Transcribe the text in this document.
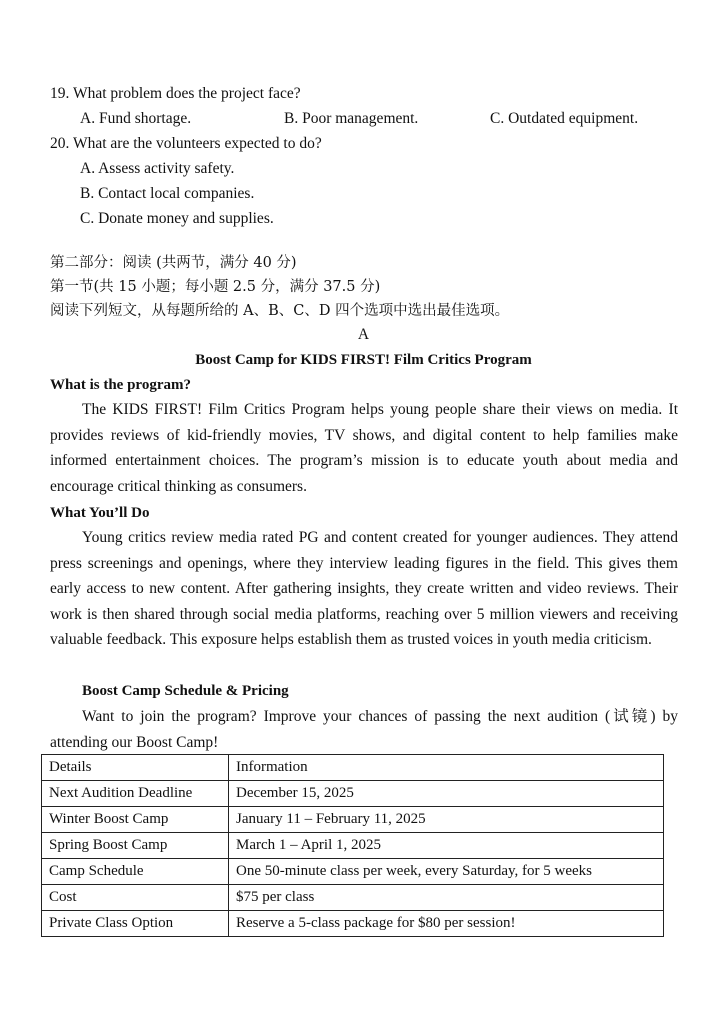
19. What problem does the project face?
A. Fund shortage.	B. Poor management.	C. Outdated equipment.
20. What are the volunteers expected to do?
A. Assess activity safety.
B. Contact local companies.
C. Donate money and supplies.
第二部分：阅读 (共两节，满分 40 分)
第一节(共 15 小题；每小题 2.5 分，满分 37.5 分)
阅读下列短文，从每题所给的 A、B、C、D 四个选项中选出最佳选项。
A
Boost Camp for KIDS FIRST! Film Critics Program
What is the program?
The KIDS FIRST! Film Critics Program helps young people share their views on media. It provides reviews of kid-friendly movies, TV shows, and digital content to help families make informed entertainment choices. The program’s mission is to educate youth about media and encourage critical thinking as consumers.
What You’ll Do
Young critics review media rated PG and content created for younger audiences. They attend press screenings and openings, where they interview leading figures in the field. This gives them early access to new content. After gathering insights, they create written and video reviews. Their work is then shared through social media platforms, reaching over 5 million viewers and receiving valuable feedback. This exposure helps establish them as trusted voices in youth media criticism.
Boost Camp Schedule & Pricing
Want to join the program? Improve your chances of passing the next audition (试镜) by attending our Boost Camp!
Details	Information
Next Audition Deadline	December 15, 2025
Winter Boost Camp	January 11 – February 11, 2025
Spring Boost Camp	March 1 – April 1, 2025
Camp Schedule	One 50-minute class per week, every Saturday, for 5 weeks
Cost	$75 per class
Private Class Option	Reserve a 5-class package for $80 per session!
